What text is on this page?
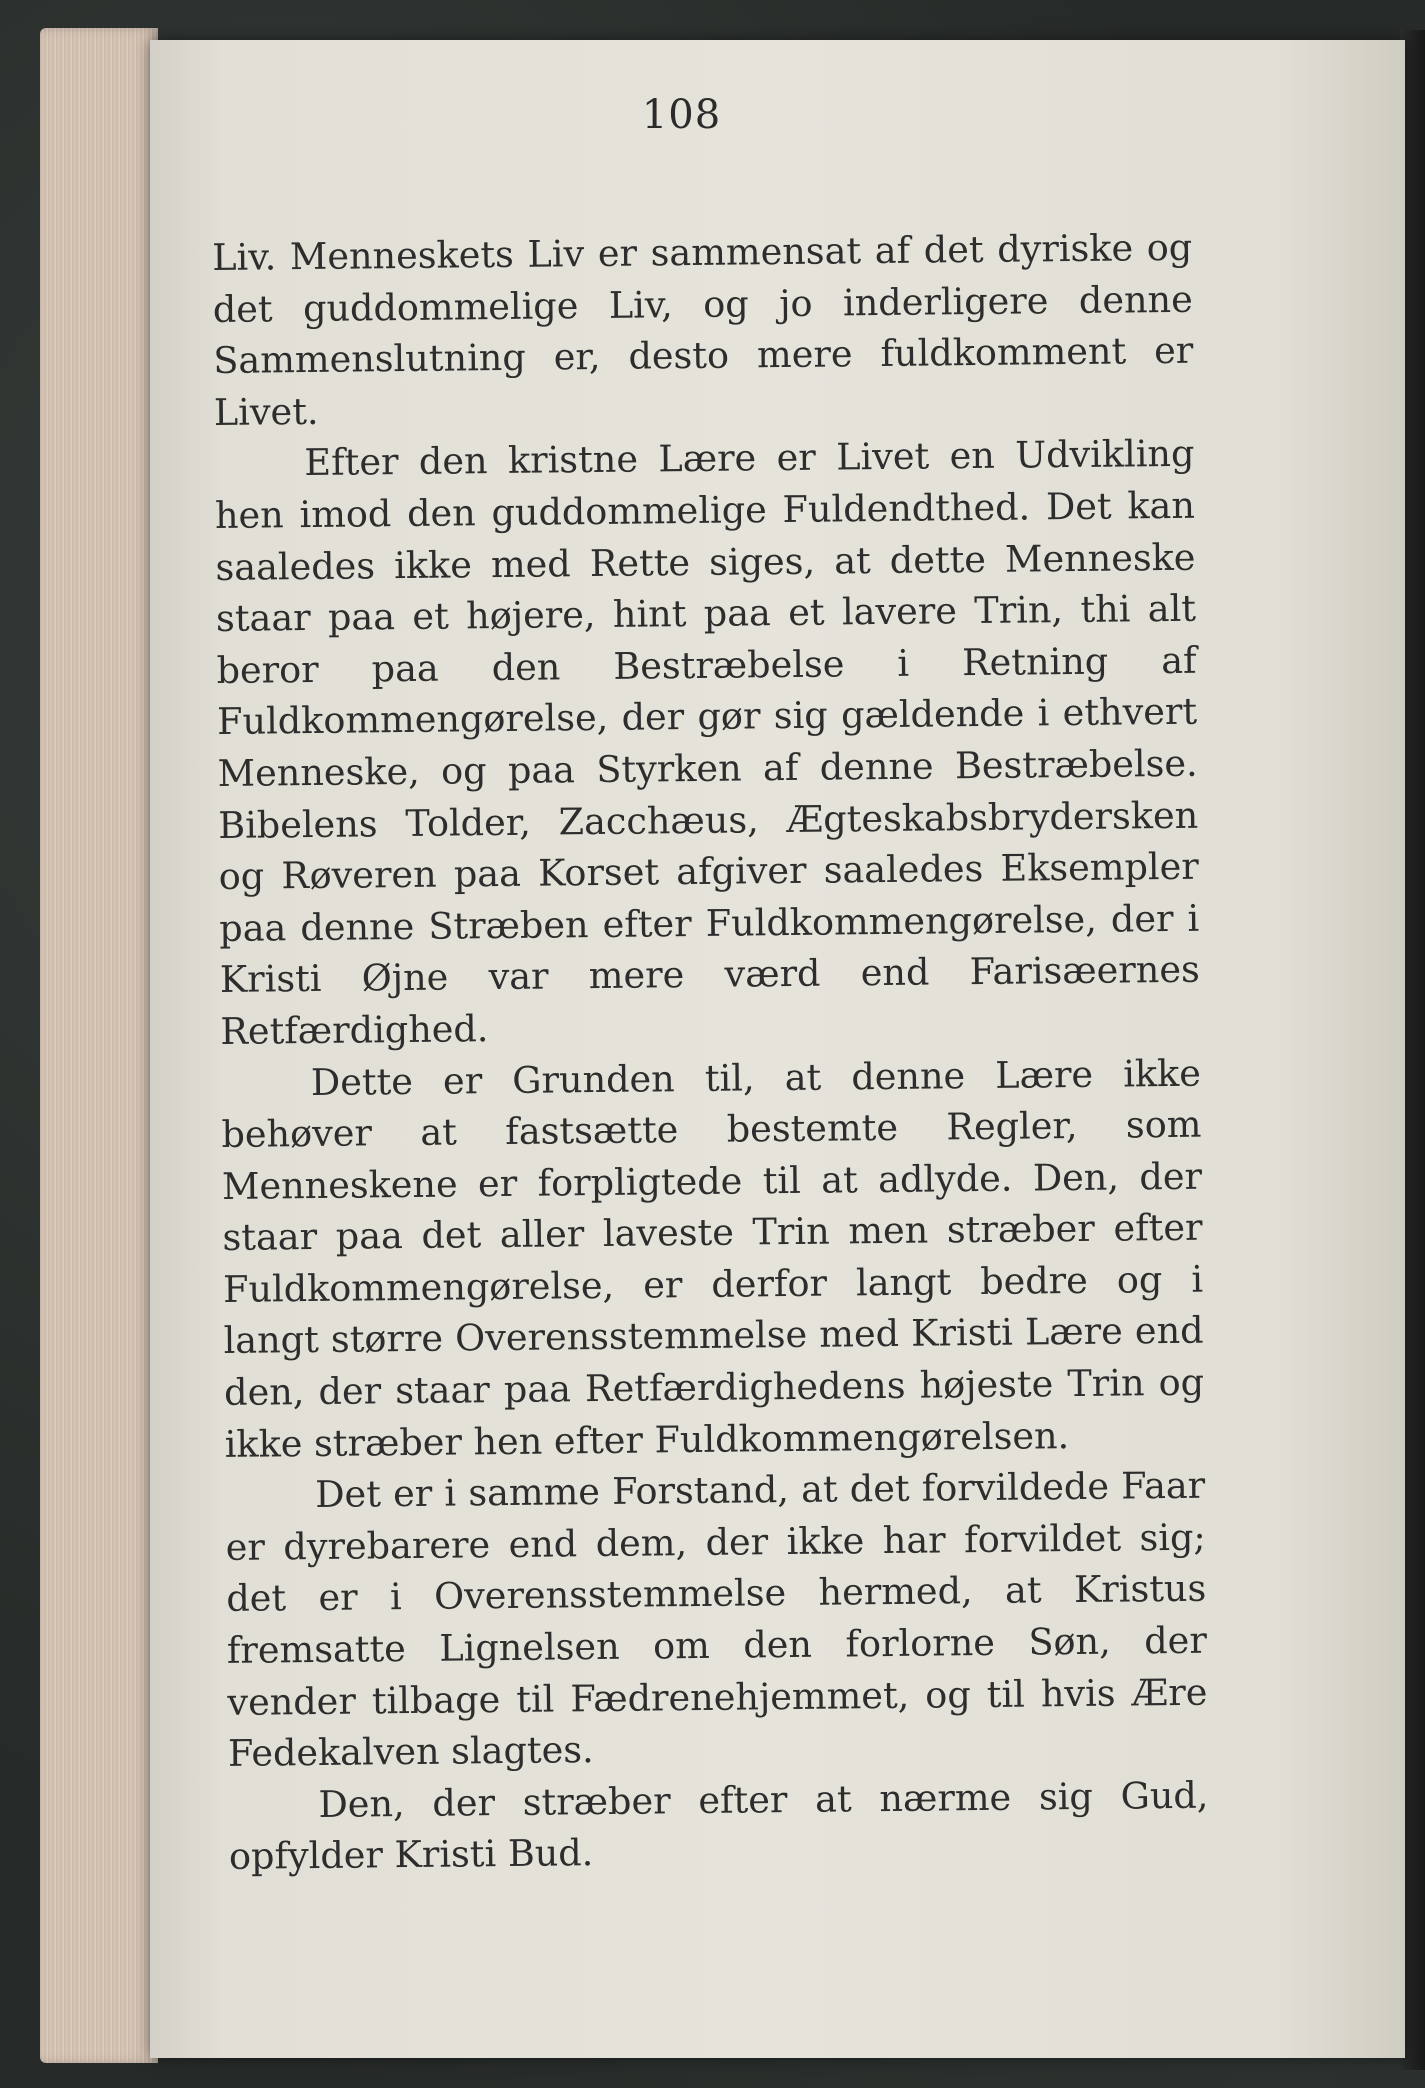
108

Liv. Menneskets Liv er sammensat af det dyriske og det guddommelige Liv, og jo inderligere denne Sammenslutning er, desto mere fuldkomment er Livet.

Efter den kristne Lære er Livet en Udvikling hen imod den guddommelige Fuldendthed. Det kan saaledes ikke med Rette siges, at dette Menneske staar paa et højere, hint paa et lavere Trin, thi alt beror paa den Bestræbelse i Retning af Fuldkommengørelse, der gør sig gældende i ethvert Menneske, og paa Styrken af denne Bestræbelse. Bibelens Tolder, Zacchæus, Ægteskabsbrydersken og Røveren paa Korset afgiver saaledes Eksempler paa denne Stræben efter Fuldkommengørelse, der i Kristi Øjne var mere værd end Farisæernes Retfærdighed.

Dette er Grunden til, at denne Lære ikke behøver at fastsætte bestemte Regler, som Menneskene er forpligtede til at adlyde. Den, der staar paa det aller laveste Trin men stræber efter Fuldkommengørelse, er derfor langt bedre og i langt større Overensstemmelse med Kristi Lære end den, der staar paa Retfærdighedens højeste Trin og ikke stræber hen efter Fuldkommengørelsen.

Det er i samme Forstand, at det forvildede Faar er dyrebarere end dem, der ikke har forvildet sig; det er i Overensstemmelse hermed, at Kristus fremsatte Lignelsen om den forlorne Søn, der vender tilbage til Fædrenehjemmet, og til hvis Ære Fedekalven slagtes.

Den, der stræber efter at nærme sig Gud, opfylder Kristi Bud.
